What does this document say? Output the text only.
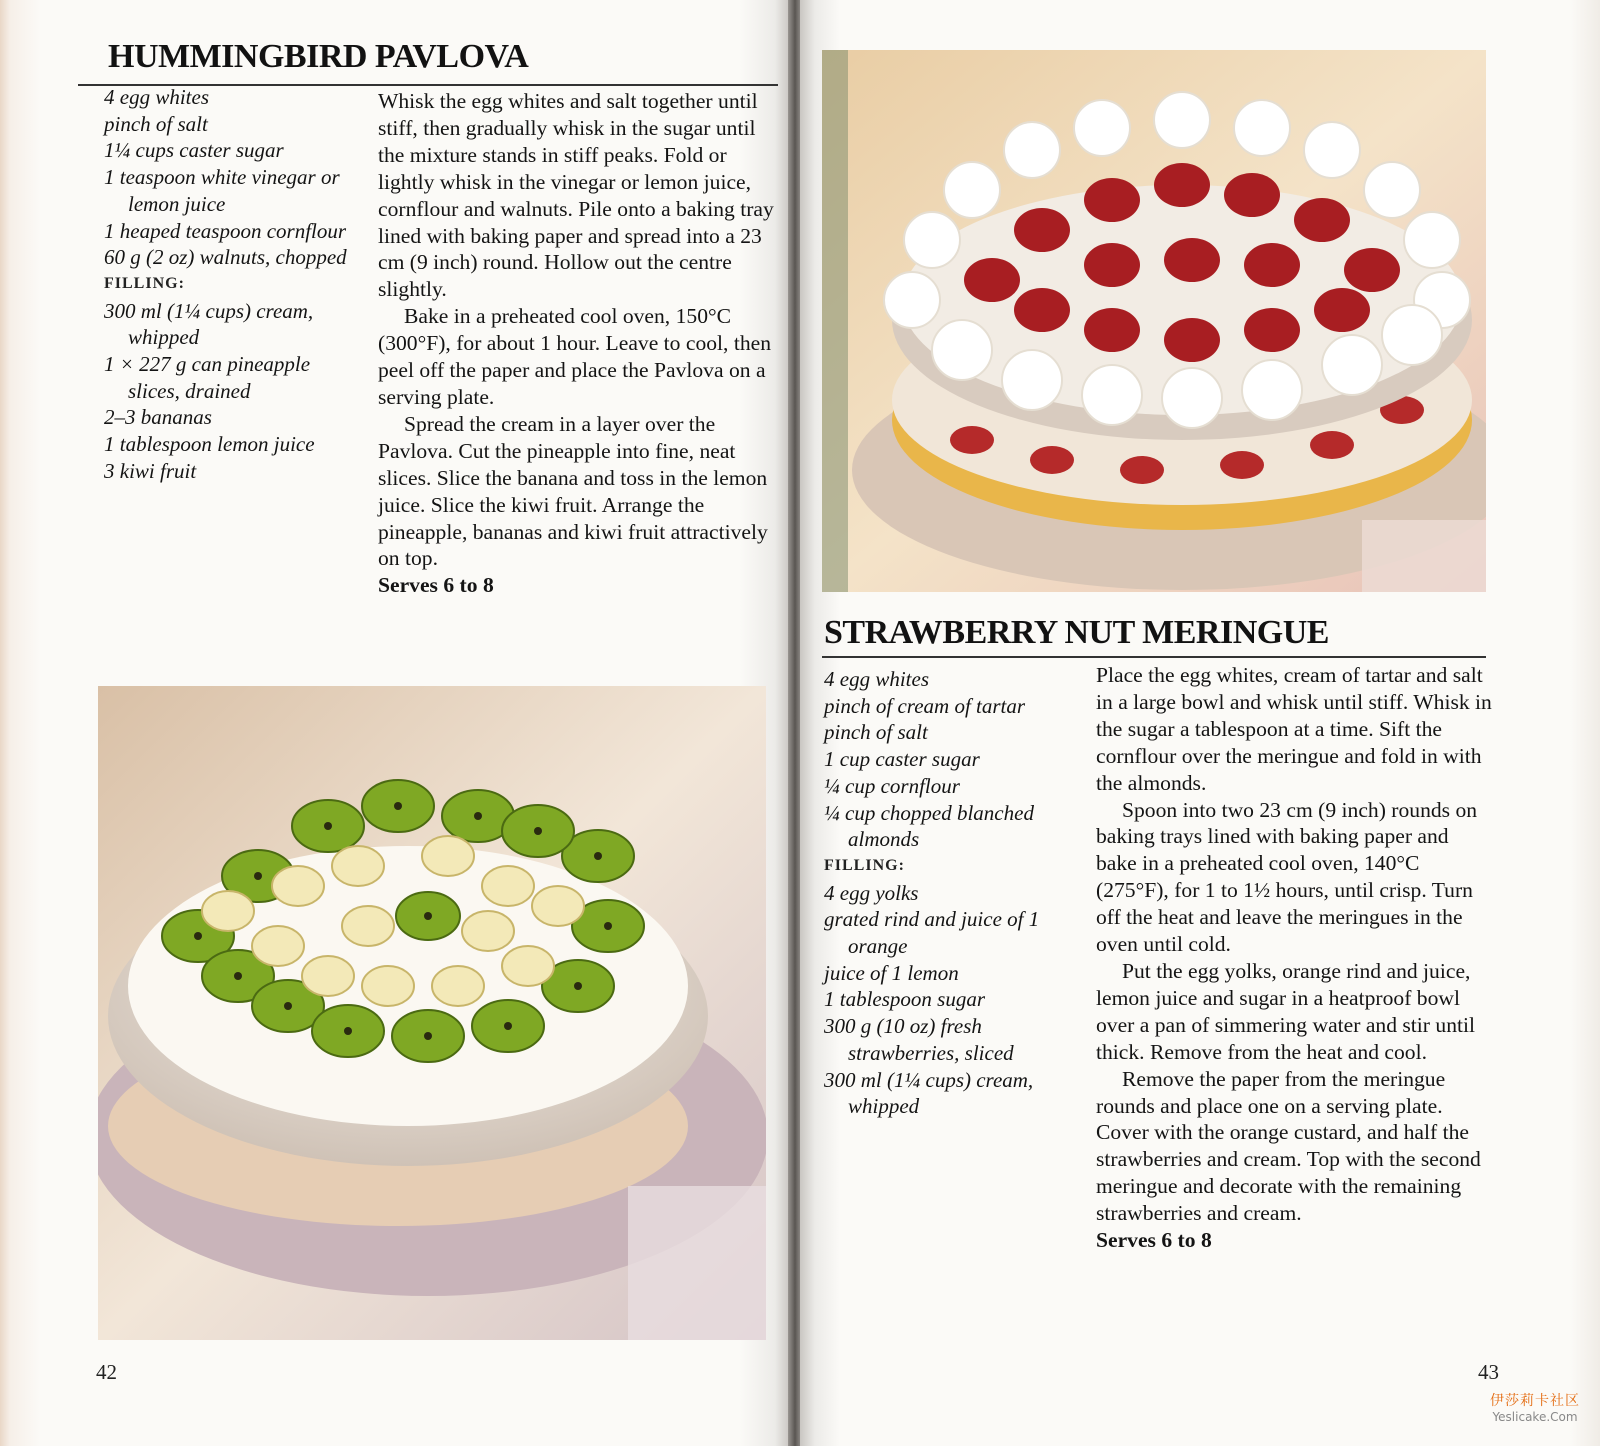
HUMMINGBIRD PAVLOVA
4 egg whites
pinch of salt
1¼ cups caster sugar
1 teaspoon white vinegar or lemon juice
1 heaped teaspoon cornflour
60 g (2 oz) walnuts, chopped
FILLING:
300 ml (1¼ cups) cream, whipped
1 × 227 g can pineapple slices, drained
2–3 bananas
1 tablespoon lemon juice
3 kiwi fruit

Whisk the egg whites and salt together until stiff, then gradually whisk in the sugar until the mixture stands in stiff peaks. Fold or lightly whisk in the vinegar or lemon juice, cornflour and walnuts. Pile onto a baking tray lined with baking paper and spread into a 23 cm (9 inch) round. Hollow out the centre slightly.

Bake in a preheated cool oven, 150°C (300°F), for about 1 hour. Leave to cool, then peel off the paper and place the Pavlova on a serving plate.

Spread the cream in a layer over the Pavlova. Cut the pineapple into fine, neat slices. Slice the banana and toss in the lemon juice. Slice the kiwi fruit. Arrange the pineapple, bananas and kiwi fruit attractively on top.

Serves 6 to 8

42
STRAWBERRY NUT MERINGUE
4 egg whites
pinch of cream of tartar
pinch of salt
1 cup caster sugar
¼ cup cornflour
¼ cup chopped blanched almonds
FILLING:
4 egg yolks
grated rind and juice of 1 orange
juice of 1 lemon
1 tablespoon sugar
300 g (10 oz) fresh strawberries, sliced
300 ml (1¼ cups) cream, whipped

Place the egg whites, cream of tartar and salt in a large bowl and whisk until stiff. Whisk in the sugar a tablespoon at a time. Sift the cornflour over the meringue and fold in with the almonds.

Spoon into two 23 cm (9 inch) rounds on baking trays lined with baking paper and bake in a preheated cool oven, 140°C (275°F), for 1 to 1½ hours, until crisp. Turn off the heat and leave the meringues in the oven until cold.

Put the egg yolks, orange rind and juice, lemon juice and sugar in a heatproof bowl over a pan of simmering water and stir until thick. Remove from the heat and cool.

Remove the paper from the meringue rounds and place one on a serving plate. Cover with the orange custard, and half the strawberries and cream. Top with the second meringue and decorate with the remaining strawberries and cream.

Serves 6 to 8

43
伊莎莉卡社区
Yeslicake.Com
